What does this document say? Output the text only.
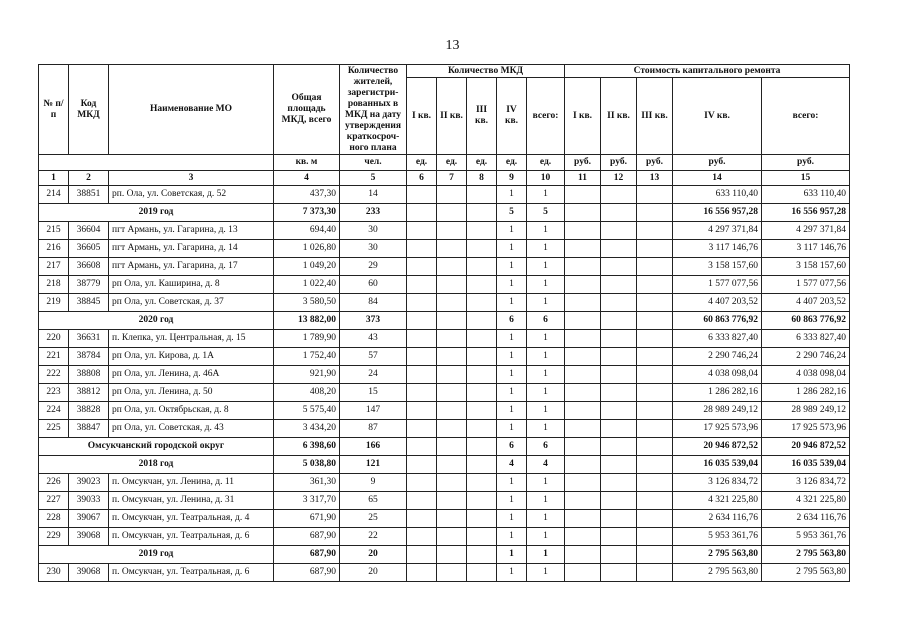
13
№ п/п	Код МКД	Наименование МО	Общая площадь МКД, всего	Количество жителей, зарегистри-рованных в МКД на дату утверждения краткосроч-ного плана	Количество МКД					Стоимость капитального ремонта				
					I кв.	II кв.	III кв.	IV кв.	всего:	I кв.	II кв.	III кв.	IV кв.	всего:
			кв. м	чел.	ед.	ед.	ед.	ед.	ед.	руб.	руб.	руб.	руб.	руб.
1	2	3	4	5	6	7	8	9	10	11	12	13	14	15
214	38851	рп. Ола, ул. Советская, д. 52	437,30	14				1	1				633 110,40	633 110,40
2019 год			7 373,30	233				5	5				16 556 957,28	16 556 957,28
215	36604	пгт Армань, ул. Гагарина, д. 13	694,40	30				1	1				4 297 371,84	4 297 371,84
216	36605	пгт Армань, ул. Гагарина, д. 14	1 026,80	30				1	1				3 117 146,76	3 117 146,76
217	36608	пгт Армань, ул. Гагарина, д. 17	1 049,20	29				1	1				3 158 157,60	3 158 157,60
218	38779	рп Ола, ул. Каширина, д. 8	1 022,40	60				1	1				1 577 077,56	1 577 077,56
219	38845	рп Ола, ул. Советская, д. 37	3 580,50	84				1	1				4 407 203,52	4 407 203,52
2020 год			13 882,00	373				6	6				60 863 776,92	60 863 776,92
220	36631	п. Клепка, ул. Центральная, д. 15	1 789,90	43				1	1				6 333 827,40	6 333 827,40
221	38784	рп Ола, ул. Кирова, д. 1А	1 752,40	57				1	1				2 290 746,24	2 290 746,24
222	38808	рп Ола, ул. Ленина, д. 46А	921,90	24				1	1				4 038 098,04	4 038 098,04
223	38812	рп Ола, ул. Ленина, д. 50	408,20	15				1	1				1 286 282,16	1 286 282,16
224	38828	рп Ола, ул. Октябрьская, д. 8	5 575,40	147				1	1				28 989 249,12	28 989 249,12
225	38847	рп Ола, ул. Советская, д. 43	3 434,20	87				1	1				17 925 573,96	17 925 573,96
Омсукчанский городской округ			6 398,60	166				6	6				20 946 872,52	20 946 872,52
2018 год			5 038,80	121				4	4				16 035 539,04	16 035 539,04
226	39023	п. Омсукчан, ул. Ленина, д. 11	361,30	9				1	1				3 126 834,72	3 126 834,72
227	39033	п. Омсукчан, ул. Ленина, д. 31	3 317,70	65				1	1				4 321 225,80	4 321 225,80
228	39067	п. Омсукчан, ул. Театральная, д. 4	671,90	25				1	1				2 634 116,76	2 634 116,76
229	39068	п. Омсукчан, ул. Театральная, д. 6	687,90	22				1	1				5 953 361,76	5 953 361,76
2019 год			687,90	20				1	1				2 795 563,80	2 795 563,80
230	39068	п. Омсукчан, ул. Театральная, д. 6	687,90	20				1	1				2 795 563,80	2 795 563,80
